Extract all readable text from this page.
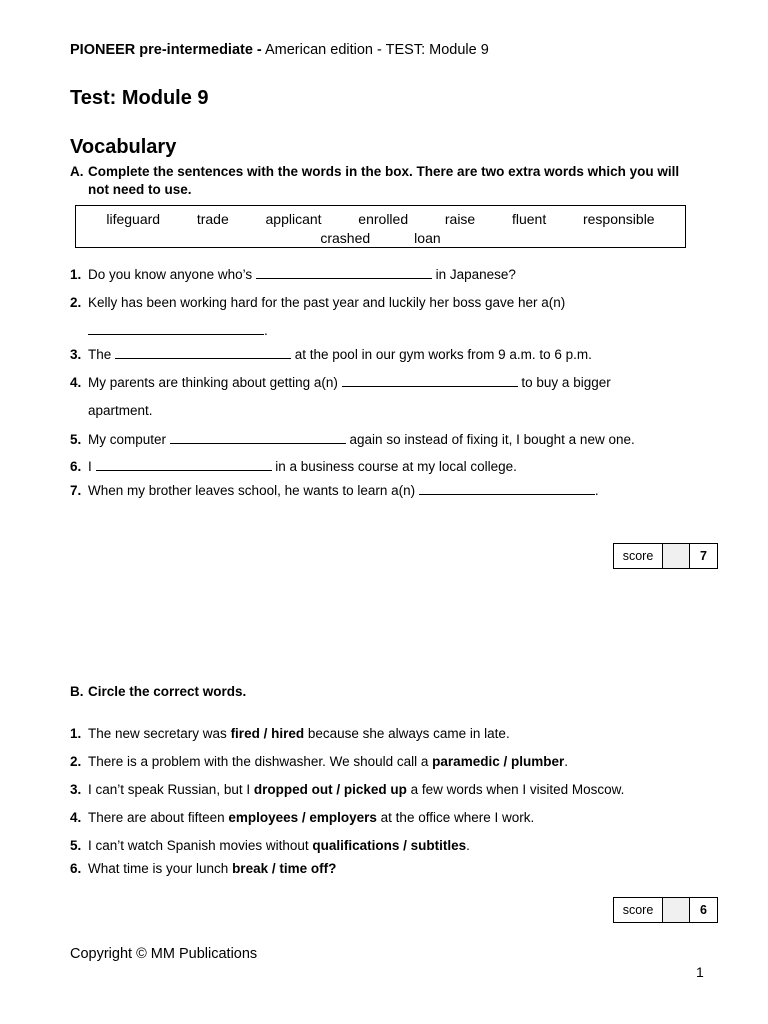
PIONEER pre-intermediate - American edition - TEST: Module 9
Test: Module 9
Vocabulary
A. Complete the sentences with the words in the box. There are two extra words which you will not need to use.
lifeguard	trade	applicant	enrolled	raise	fluent	responsible
crashed	loan
1. Do you know anyone who’s	in Japanese?
2. Kelly has been working hard for the past year and luckily her boss gave her a(n)
.
3. The	at the pool in our gym works from 9 a.m. to 6 p.m.
4. My parents are thinking about getting a(n)	to buy a bigger
apartment.
5. My computer	again so instead of fixing it, I bought a new one.
6. I	in a business course at my local college.
7. When my brother leaves school, he wants to learn a(n)	.
score	7
B. Circle the correct words.
1. The new secretary was fired / hired because she always came in late.
2. There is a problem with the dishwasher. We should call a paramedic / plumber.
3. I can’t speak Russian, but I dropped out / picked up a few words when I visited Moscow.
4. There are about fifteen employees / employers at the office where I work.
5. I can’t watch Spanish movies without qualifications / subtitles.
6. What time is your lunch break / time off?
score	6
Copyright © MM Publications
1
